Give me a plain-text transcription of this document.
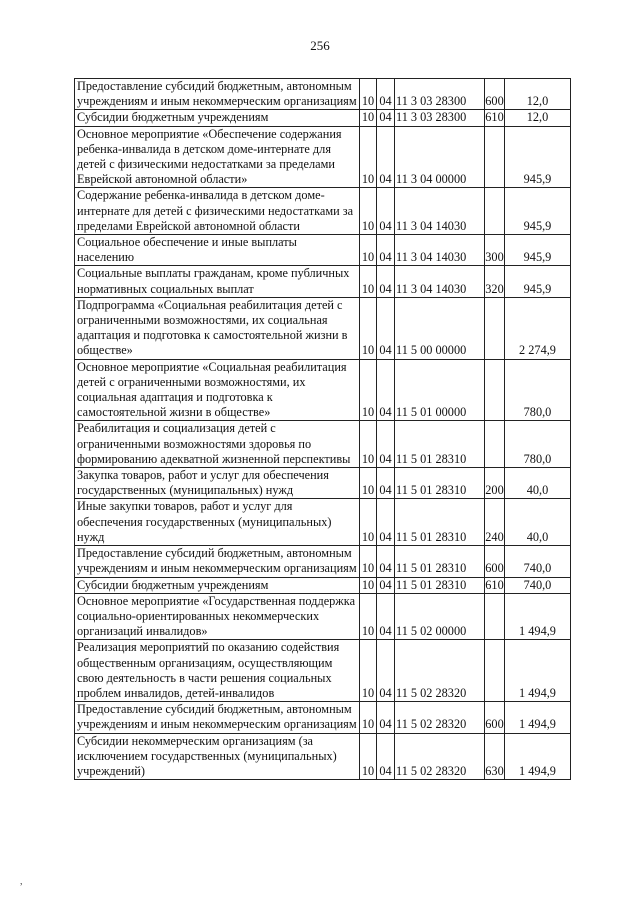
256
Предоставление субсидий бюджетным, автономным учреждениям и иным некоммерческим организациям	10	04	11 3 03 28300	600	12,0
Субсидии бюджетным учреждениям	10	04	11 3 03 28300	610	12,0
Основное мероприятие «Обеспечение содержания ребенка-инвалида в детском доме-интернате для детей с физическими недостатками за пределами Еврейской автономной области»	10	04	11 3 04 00000		945,9
Содержание ребенка-инвалида в детском доме-интернате для детей с физическими недостатками за пределами Еврейской автономной области	10	04	11 3 04 14030		945,9
Социальное обеспечение и иные выплаты населению	10	04	11 3 04 14030	300	945,9
Социальные выплаты гражданам, кроме публичных нормативных социальных выплат	10	04	11 3 04 14030	320	945,9
Подпрограмма «Социальная реабилитация детей с ограниченными возможностями, их социальная адаптация и подготовка к самостоятельной жизни в обществе»	10	04	11 5 00 00000		2 274,9
Основное мероприятие «Социальная реабилитация детей с ограниченными возможностями, их социальная адаптация и подготовка к самостоятельной жизни в обществе»	10	04	11 5 01 00000		780,0
Реабилитация и социализация детей с ограниченными возможностями здоровья по формированию адекватной жизненной перспективы	10	04	11 5 01 28310		780,0
Закупка товаров, работ и услуг для обеспечения государственных (муниципальных) нужд	10	04	11 5 01 28310	200	40,0
Иные закупки товаров, работ и услуг для обеспечения государственных (муниципальных) нужд	10	04	11 5 01 28310	240	40,0
Предоставление субсидий бюджетным, автономным учреждениям и иным некоммерческим организациям	10	04	11 5 01 28310	600	740,0
Субсидии бюджетным учреждениям	10	04	11 5 01 28310	610	740,0
Основное мероприятие «Государственная поддержка социально-ориентированных некоммерческих организаций инвалидов»	10	04	11 5 02 00000		1 494,9
Реализация мероприятий по оказанию содействия общественным организациям, осуществляющим свою деятельность в части решения социальных проблем инвалидов, детей-инвалидов	10	04	11 5 02 28320		1 494,9
Предоставление субсидий бюджетным, автономным учреждениям и иным некоммерческим организациям	10	04	11 5 02 28320	600	1 494,9
Субсидии некоммерческим организациям (за исключением государственных (муниципальных) учреждений)	10	04	11 5 02 28320	630	1 494,9
,
